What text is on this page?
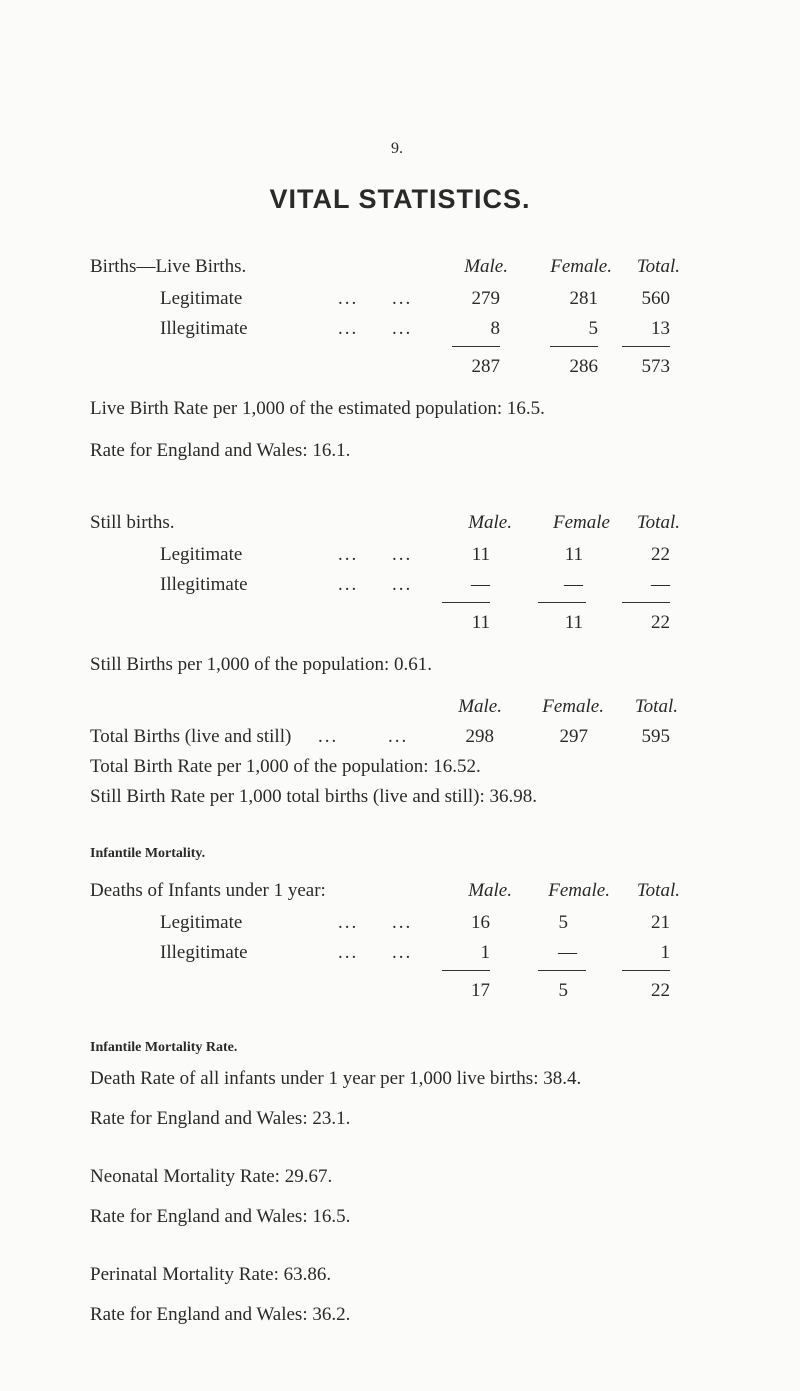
9.
VITAL STATISTICS.
Births—Live Births.	Male.	Female.	Total.
Legitimate	... ...	279	281	560
Illegitimate	... ...	8	5	13
287	286	573
Live Birth Rate per 1,000 of the estimated population: 16.5.
Rate for England and Wales: 16.1.
Still births.	Male.	Female	Total.
Legitimate	... ...	11	11	22
Illegitimate	... ...	—	—	—
11	11	22
Still Births per 1,000 of the population: 0.61.
Male.	Female.	Total.
Total Births (live and still) ...	...	298	297	595
Total Birth Rate per 1,000 of the population: 16.52.
Still Birth Rate per 1,000 total births (live and still): 36.98.
Infantile Mortality.
Deaths of Infants under 1 year:	Male.	Female.	Total.
Legitimate	... ...	16	5	21
Illegitimate	... ...	1	—	1
17	5	22
Infantile Mortality Rate.
Death Rate of all infants under 1 year per 1,000 live births: 38.4.
Rate for England and Wales: 23.1.
Neonatal Mortality Rate: 29.67.
Rate for England and Wales: 16.5.
Perinatal Mortality Rate: 63.86.
Rate for England and Wales: 36.2.
